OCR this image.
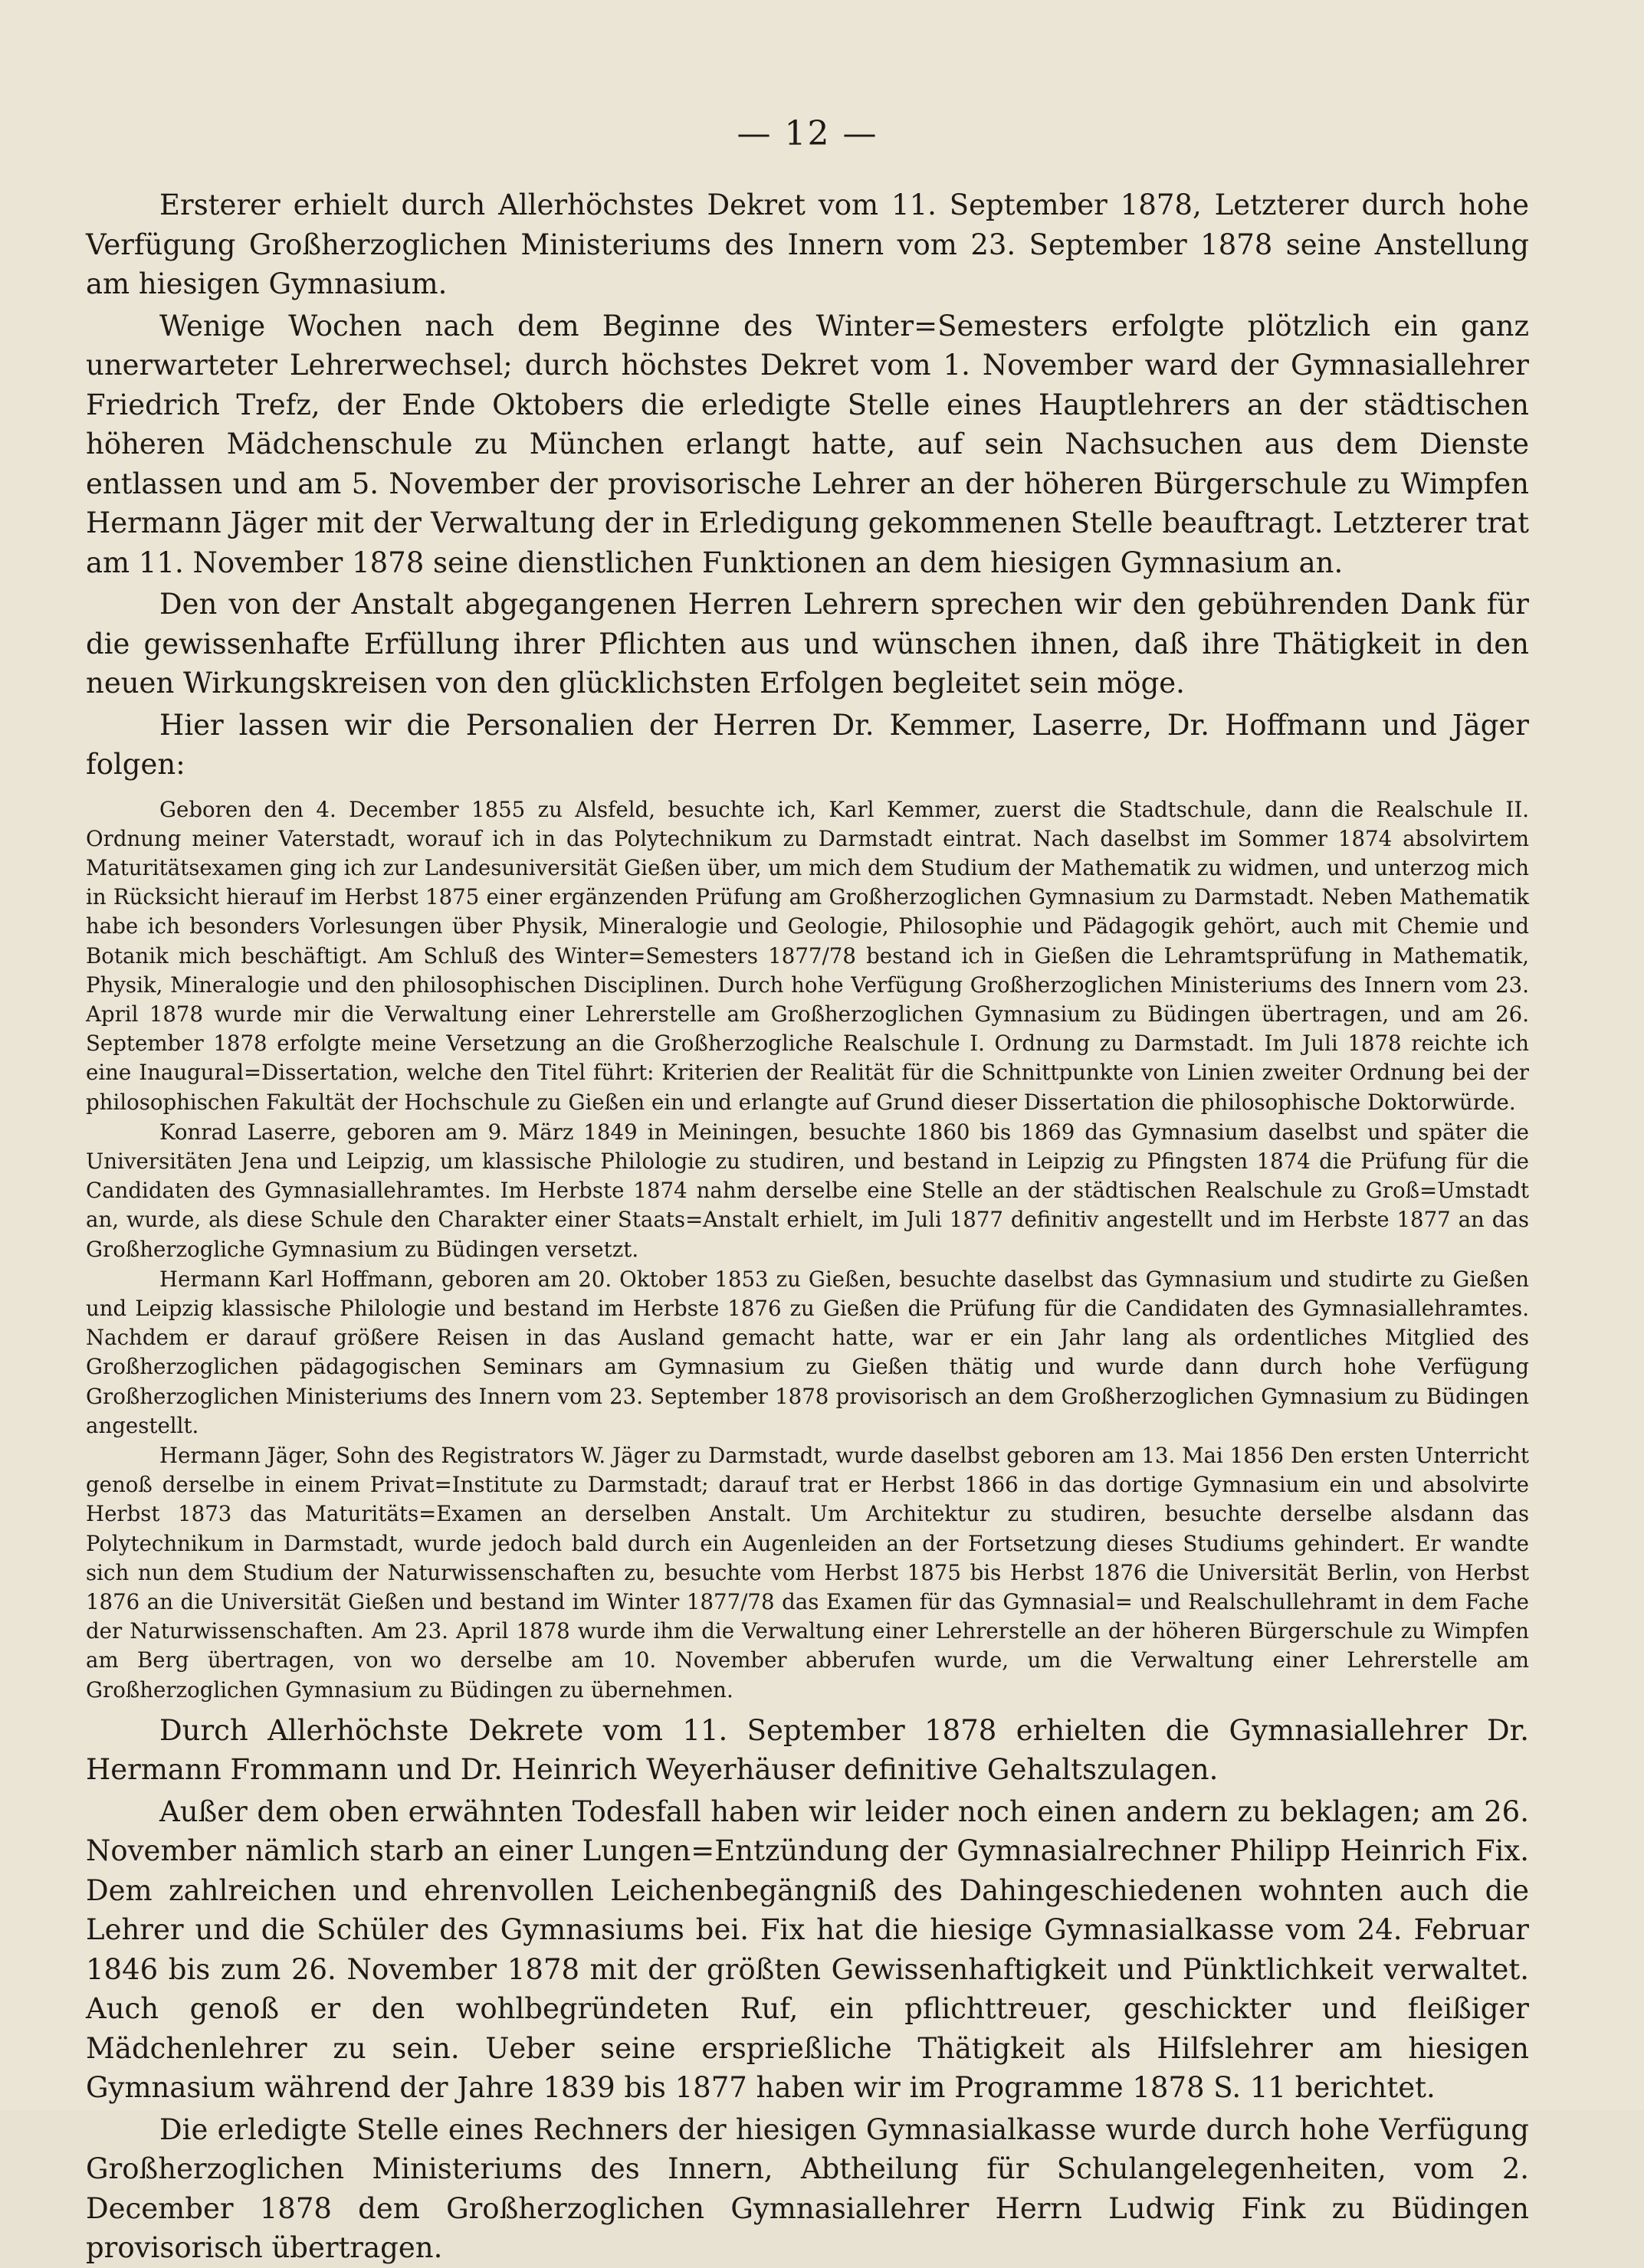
— 12 —

Ersterer erhielt durch Allerhöchstes Dekret vom 11. September 1878, Letzterer durch hohe Verfügung Großherzoglichen Ministeriums des Innern vom 23. September 1878 seine Anstellung am hiesigen Gymnasium.

Wenige Wochen nach dem Beginne des Winter=Semesters erfolgte plötzlich ein ganz unerwarteter Lehrerwechsel; durch höchstes Dekret vom 1. November ward der Gymnasiallehrer Friedrich Trefz, der Ende Oktobers die erledigte Stelle eines Hauptlehrers an der städtischen höheren Mädchenschule zu München erlangt hatte, auf sein Nachsuchen aus dem Dienste entlassen und am 5. November der provisorische Lehrer an der höheren Bürgerschule zu Wimpfen Hermann Jäger mit der Verwaltung der in Erledigung gekommenen Stelle beauftragt. Letzterer trat am 11. November 1878 seine dienstlichen Funktionen an dem hiesigen Gymnasium an.

Den von der Anstalt abgegangenen Herren Lehrern sprechen wir den gebührenden Dank für die gewissenhafte Erfüllung ihrer Pflichten aus und wünschen ihnen, daß ihre Thätigkeit in den neuen Wirkungskreisen von den glücklichsten Erfolgen begleitet sein möge.

Hier lassen wir die Personalien der Herren Dr. Kemmer, Laserre, Dr. Hoffmann und Jäger folgen:

Geboren den 4. December 1855 zu Alsfeld, besuchte ich, Karl Kemmer, zuerst die Stadtschule, dann die Realschule II. Ordnung meiner Vaterstadt, worauf ich in das Polytechnikum zu Darmstadt eintrat. Nach daselbst im Sommer 1874 absolvirtem Maturitätsexamen ging ich zur Landesuniversität Gießen über, um mich dem Studium der Mathematik zu widmen, und unterzog mich in Rücksicht hierauf im Herbst 1875 einer ergänzenden Prüfung am Großherzoglichen Gymnasium zu Darmstadt. Neben Mathematik habe ich besonders Vorlesungen über Physik, Mineralogie und Geologie, Philosophie und Pädagogik gehört, auch mit Chemie und Botanik mich beschäftigt. Am Schluß des Winter=Semesters 1877/78 bestand ich in Gießen die Lehramtsprüfung in Mathematik, Physik, Mineralogie und den philosophischen Disciplinen. Durch hohe Verfügung Großherzoglichen Ministeriums des Innern vom 23. April 1878 wurde mir die Verwaltung einer Lehrerstelle am Großherzoglichen Gymnasium zu Büdingen übertragen, und am 26. September 1878 erfolgte meine Versetzung an die Großherzogliche Realschule I. Ordnung zu Darmstadt. Im Juli 1878 reichte ich eine Inaugural=Dissertation, welche den Titel führt: Kriterien der Realität für die Schnittpunkte von Linien zweiter Ordnung bei der philosophischen Fakultät der Hochschule zu Gießen ein und erlangte auf Grund dieser Dissertation die philosophische Doktorwürde.

Konrad Laserre, geboren am 9. März 1849 in Meiningen, besuchte 1860 bis 1869 das Gymnasium daselbst und später die Universitäten Jena und Leipzig, um klassische Philologie zu studiren, und bestand in Leipzig zu Pfingsten 1874 die Prüfung für die Candidaten des Gymnasiallehramtes. Im Herbste 1874 nahm derselbe eine Stelle an der städtischen Realschule zu Groß=Umstadt an, wurde, als diese Schule den Charakter einer Staats=Anstalt erhielt, im Juli 1877 definitiv angestellt und im Herbste 1877 an das Großherzogliche Gymnasium zu Büdingen versetzt.

Hermann Karl Hoffmann, geboren am 20. Oktober 1853 zu Gießen, besuchte daselbst das Gymnasium und studirte zu Gießen und Leipzig klassische Philologie und bestand im Herbste 1876 zu Gießen die Prüfung für die Candidaten des Gymnasiallehramtes. Nachdem er darauf größere Reisen in das Ausland gemacht hatte, war er ein Jahr lang als ordentliches Mitglied des Großherzoglichen pädagogischen Seminars am Gymnasium zu Gießen thätig und wurde dann durch hohe Verfügung Großherzoglichen Ministeriums des Innern vom 23. September 1878 provisorisch an dem Großherzoglichen Gymnasium zu Büdingen angestellt.

Hermann Jäger, Sohn des Registrators W. Jäger zu Darmstadt, wurde daselbst geboren am 13. Mai 1856 Den ersten Unterricht genoß derselbe in einem Privat=Institute zu Darmstadt; darauf trat er Herbst 1866 in das dortige Gymnasium ein und absolvirte Herbst 1873 das Maturitäts=Examen an derselben Anstalt. Um Architektur zu studiren, besuchte derselbe alsdann das Polytechnikum in Darmstadt, wurde jedoch bald durch ein Augenleiden an der Fortsetzung dieses Studiums gehindert. Er wandte sich nun dem Studium der Naturwissenschaften zu, besuchte vom Herbst 1875 bis Herbst 1876 die Universität Berlin, von Herbst 1876 an die Universität Gießen und bestand im Winter 1877/78 das Examen für das Gymnasial= und Realschullehramt in dem Fache der Naturwissenschaften. Am 23. April 1878 wurde ihm die Verwaltung einer Lehrerstelle an der höheren Bürgerschule zu Wimpfen am Berg übertragen, von wo derselbe am 10. November abberufen wurde, um die Verwaltung einer Lehrerstelle am Großherzoglichen Gymnasium zu Büdingen zu übernehmen.

Durch Allerhöchste Dekrete vom 11. September 1878 erhielten die Gymnasiallehrer Dr. Hermann Frommann und Dr. Heinrich Weyerhäuser definitive Gehaltszulagen.

Außer dem oben erwähnten Todesfall haben wir leider noch einen andern zu beklagen; am 26. November nämlich starb an einer Lungen=Entzündung der Gymnasialrechner Philipp Heinrich Fix. Dem zahlreichen und ehrenvollen Leichenbegängniß des Dahingeschiedenen wohnten auch die Lehrer und die Schüler des Gymnasiums bei. Fix hat die hiesige Gymnasialkasse vom 24. Februar 1846 bis zum 26. November 1878 mit der größten Gewissenhaftigkeit und Pünktlichkeit verwaltet. Auch genoß er den wohlbegründeten Ruf, ein pflichttreuer, geschickter und fleißiger Mädchenlehrer zu sein. Ueber seine ersprießliche Thätigkeit als Hilfslehrer am hiesigen Gymnasium während der Jahre 1839 bis 1877 haben wir im Programme 1878 S. 11 berichtet.

Die erledigte Stelle eines Rechners der hiesigen Gymnasialkasse wurde durch hohe Verfügung Großherzoglichen Ministeriums des Innern, Abtheilung für Schulangelegenheiten, vom 2. December 1878 dem Großherzoglichen Gymnasiallehrer Herrn Ludwig Fink zu Büdingen provisorisch übertragen.
